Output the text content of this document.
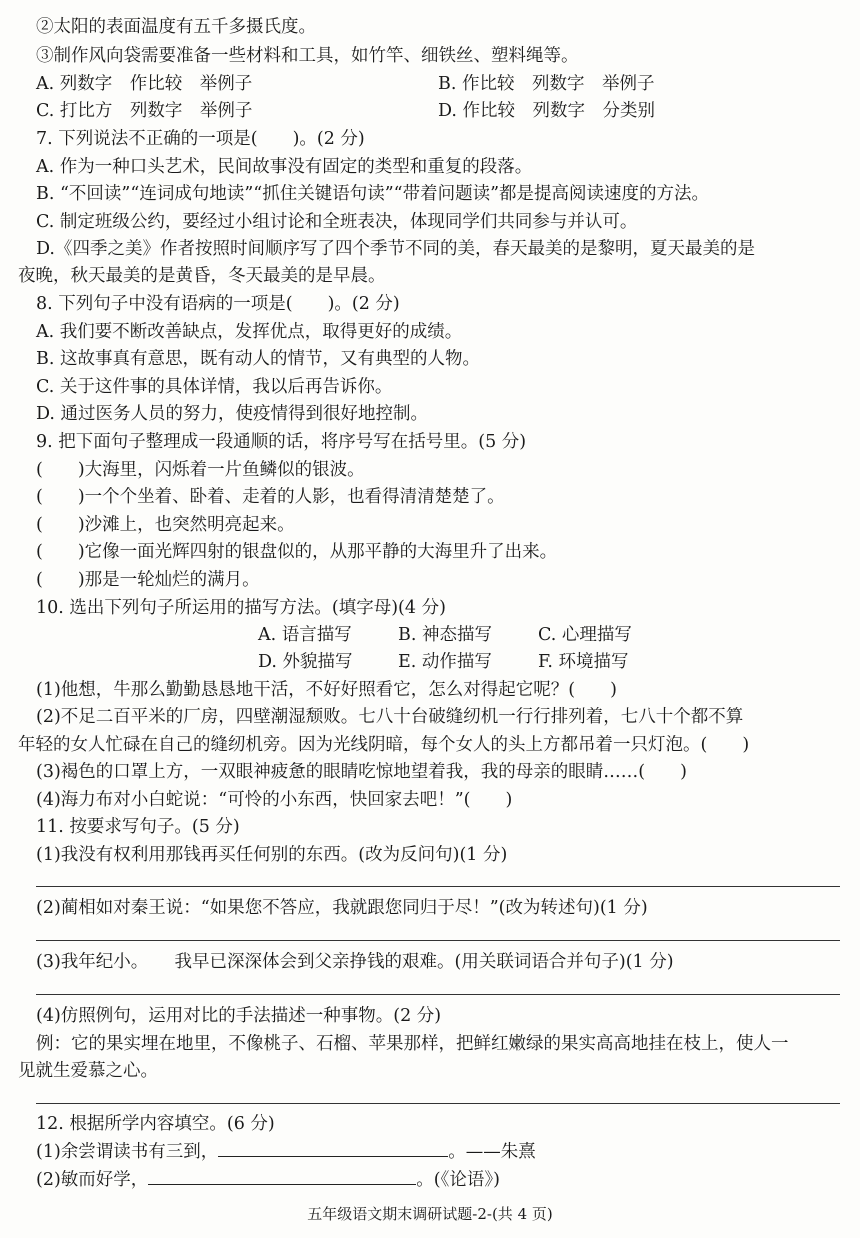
②太阳的表面温度有五千多摄氏度。
③制作风向袋需要准备一些材料和工具，如竹竿、细铁丝、塑料绳等。
A. 列数字　作比较　举例子	B. 作比较　列数字　举例子
C. 打比方　列数字　举例子	D. 作比较　列数字　分类别
7. 下列说法不正确的一项是(　　)。(2 分)
A. 作为一种口头艺术，民间故事没有固定的类型和重复的段落。
B. “不回读”“连词成句地读”“抓住关键语句读”“带着问题读”都是提高阅读速度的方法。
C. 制定班级公约，要经过小组讨论和全班表决，体现同学们共同参与并认可。
D.《四季之美》作者按照时间顺序写了四个季节不同的美，春天最美的是黎明，夏天最美的是
夜晚，秋天最美的是黄昏，冬天最美的是早晨。
8. 下列句子中没有语病的一项是(　　)。(2 分)
A. 我们要不断改善缺点，发挥优点，取得更好的成绩。
B. 这故事真有意思，既有动人的情节，又有典型的人物。
C. 关于这件事的具体详情，我以后再告诉你。
D. 通过医务人员的努力，使疫情得到很好地控制。
9. 把下面句子整理成一段通顺的话，将序号写在括号里。(5 分)
(　　)大海里，闪烁着一片鱼鳞似的银波。
(　　)一个个坐着、卧着、走着的人影，也看得清清楚楚了。
(　　)沙滩上，也突然明亮起来。
(　　)它像一面光辉四射的银盘似的，从那平静的大海里升了出来。
(　　)那是一轮灿烂的满月。
10. 选出下列句子所运用的描写方法。(填字母)(4 分)
A. 语言描写	B. 神态描写	C. 心理描写
D. 外貌描写	E. 动作描写	F. 环境描写
(1)他想，牛那么勤勤恳恳地干活，不好好照看它，怎么对得起它呢？(　　)
(2)不足二百平米的厂房，四壁潮湿颓败。七八十台破缝纫机一行行排列着，七八十个都不算
年轻的女人忙碌在自己的缝纫机旁。因为光线阴暗，每个女人的头上方都吊着一只灯泡。(　　)
(3)褐色的口罩上方，一双眼神疲惫的眼睛吃惊地望着我，我的母亲的眼睛……(　　)
(4)海力布对小白蛇说：“可怜的小东西，快回家去吧！”(　　)
11. 按要求写句子。(5 分)
(1)我没有权利用那钱再买任何别的东西。(改为反问句)(1 分)
(2)蔺相如对秦王说：“如果您不答应，我就跟您同归于尽！”(改为转述句)(1 分)
(3)我年纪小。　　我早已深深体会到父亲挣钱的艰难。(用关联词语合并句子)(1 分)
(4)仿照例句，运用对比的手法描述一种事物。(2 分)
例：它的果实埋在地里，不像桃子、石榴、苹果那样，把鲜红嫩绿的果实高高地挂在枝上，使人一
见就生爱慕之心。
12. 根据所学内容填空。(6 分)
(1)余尝谓读书有三到，	。——朱熹
(2)敏而好学，	。(《论语》)
五年级语文期末调研试题-2-(共 4 页)
